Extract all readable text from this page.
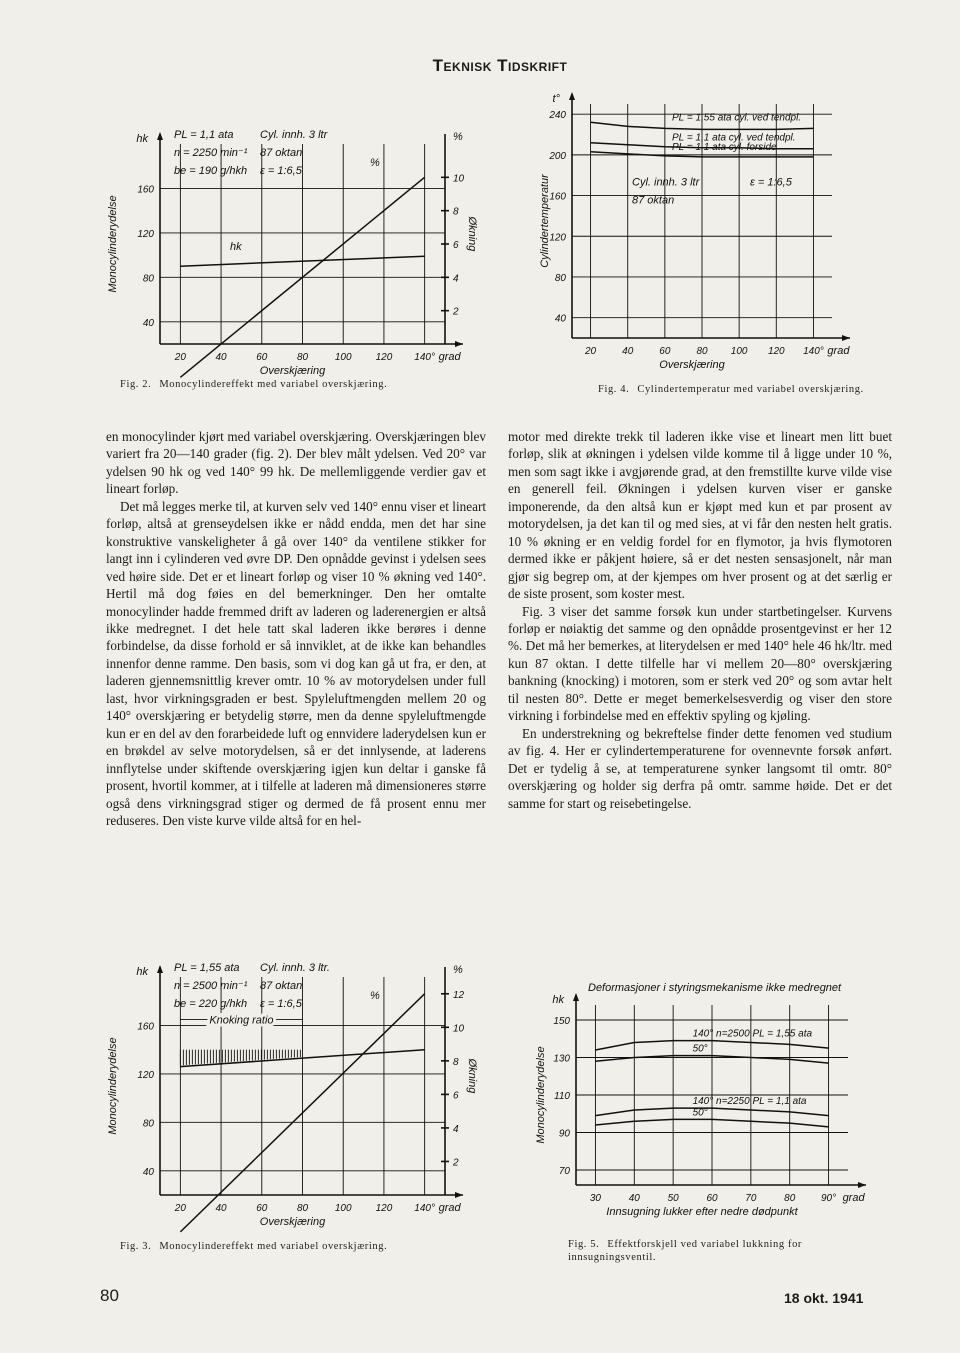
Teknisk Tidskrift
40
80
120
160
2
4
6
8
10
%
Økning
20	40	60	80	100 120 140°
hk
Monocylinderydelse
grad
Overskjæring
PL = 1,1 ata
n = 2250 min⁻¹
be = 190 g/hkh
Cyl. innh. 3 ltr
87 oktan
ε = 1:6,5
hk
%
Fig. 2. Monocylindereffekt med variabel overskjæring.
40
80
120
160
200
240
20	40	60	80 100 120 140°
t°
Cylindertemperatur
grad
Overskjæring
PL = 1,55 ata cyl. ved tendpl.
PL = 1,1 ata cyl. ved tendpl.
PL = 1,1 ata cyl. forside
Cyl. innh. 3 ltr
87 oktan
ε = 1:6,5
Fig. 4. Cylindertemperatur med variabel overskjæring.

en monocylinder kjørt med variabel overskjæring. Overskjæringen blev variert fra 20—140 grader (fig. 2). Der blev målt ydelsen. Ved 20° var ydelsen 90 hk og ved 140° 99 hk. De mellemliggende verdier gav et lineart forløp.

Det må legges merke til, at kurven selv ved 140° ennu viser et lineart forløp, altså at grenseydelsen ikke er nådd endda, men det har sine konstruktive vanskeligheter å gå over 140° da ventilene stikker for langt inn i cylinderen ved øvre DP. Den opnådde gevinst i ydelsen sees ved høire side. Det er et lineart forløp og viser 10 % økning ved 140°. Hertil må dog føies en del bemerkninger. Den her omtalte monocylinder hadde fremmed drift av laderen og laderenergien er altså ikke medregnet. I det hele tatt skal laderen ikke berøres i denne forbindelse, da disse forhold er så innviklet, at de ikke kan behandles innenfor denne ramme. Den basis, som vi dog kan gå ut fra, er den, at laderen gjennemsnittlig krever omtr. 10 % av motorydelsen under full last, hvor virkningsgraden er best. Spyleluftmengden mellem 20 og 140° overskjæring er betydelig større, men da denne spyleluftmengde kun er en del av den forarbeidede luft og ennvidere laderydelsen kun er en brøkdel av selve motorydelsen, så er det innlysende, at laderens innflytelse under skiftende overskjæring igjen kun deltar i ganske få prosent, hvortil kommer, at i tilfelle at laderen må dimensioneres større også dens virkningsgrad stiger og dermed de få prosent ennu mer reduseres. Den viste kurve vilde altså for en hel-

motor med direkte trekk til laderen ikke vise et lineart men litt buet forløp, slik at økningen i ydelsen vilde komme til å ligge under 10 %, men som sagt ikke i avgjørende grad, at den fremstillte kurve vilde vise en generell feil. Økningen i ydelsen kurven viser er ganske imponerende, da den altså kun er kjøpt med kun et par prosent av motorydelsen, ja det kan til og med sies, at vi får den nesten helt gratis. 10 % økning er en veldig fordel for en flymotor, ja hvis flymotoren dermed ikke er påkjent høiere, så er det nesten sensasjonelt, når man gjør sig begrep om, at der kjempes om hver prosent og at det særlig er de siste prosent, som koster mest.

Fig. 3 viser det samme forsøk kun under startbetingelser. Kurvens forløp er nøiaktig det samme og den opnådde prosentgevinst er her 12 %. Det må her bemerkes, at literydelsen er med 140° hele 46 hk/ltr. med kun 87 oktan. I dette tilfelle har vi mellem 20—80° overskjæring bankning (knocking) i motoren, som er sterk ved 20° og som avtar helt til nesten 80°. Dette er meget bemerkelsesverdig og viser den store virkning i forbindelse med en effektiv spyling og kjøling.

En understrekning og bekreftelse finder dette fenomen ved studium av fig. 4. Her er cylindertemperaturene for ovennevnte forsøk anført. Det er tydelig å se, at temperaturene synker langsomt til omtr. 80° overskjæring og holder sig derfra på omtr. samme høide. Det er det samme for start og reisebetingelse.

40
80
120
160
2
4
6
8
10
12
%
Økning
20	40	60	80	100 120 140°
hk
Monocylinderydelse
grad
Overskjæring
PL = 1,55 ata
n = 2500 min⁻¹
be = 220 g/hkh
Cyl. innh. 3 ltr.
87 oktan
ε = 1:6,5
%
Knoking ratio
Fig. 3. Monocylindereffekt med variabel overskjæring.
70
90
110
130
150
30	40	50	60	70	80	90°
hk
Monocylinderydelse
grad
Innsugning lukker efter nedre dødpunkt
Deformasjoner i styringsmekanisme ikke medregnet
140° n=2500 PL = 1,55 ata
50°
140° n=2250 PL = 1,1 ata
50°
Fig. 5. Effektforskjell ved variabel lukkning for innsugningsventil.
80	18 okt. 1941
